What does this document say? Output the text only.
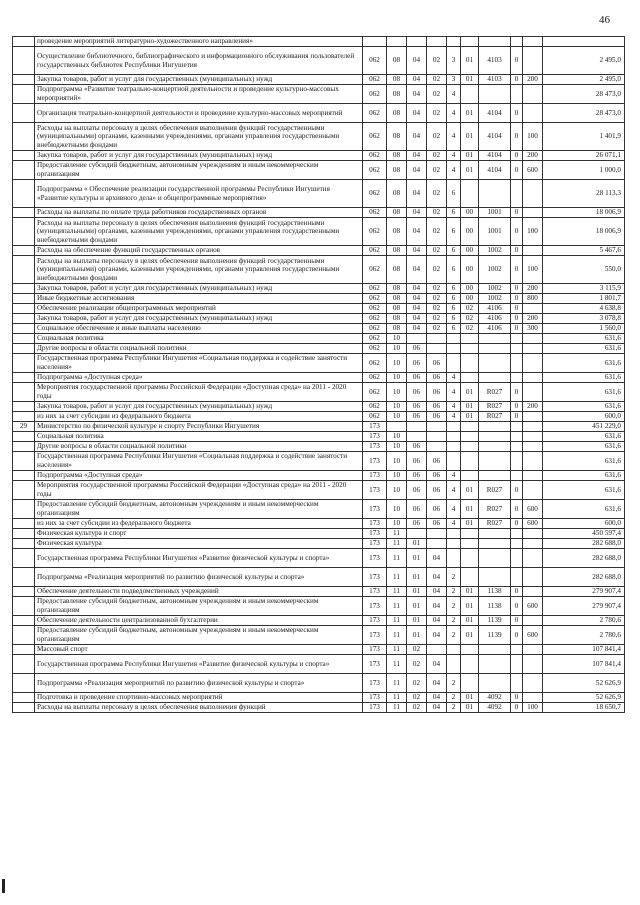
46
	проведение мероприятий литературно-художественного направления»										
	Осуществление библиотечного, библиографического и информационного обслуживания пользователей государственных библиотек Республики Ингушетия	062	08	04	02	3	01	4103	0		2 495,0
	Закупка товаров, работ и услуг для государственных (муниципальных) нужд	062	08	04	02	3	01	4103	0	200	2 495,0
	Подпрограмма «Развитие театрально-концертной деятельности и проведение культурно-массовых мероприятий»	062	08	04	02	4					28 473,0
	Организация театрально-концертной деятельности и проведение культурно-массовых мероприятий	062	08	04	02	4	01	4104	0		28 473,0
	Расходы на выплаты персоналу в целях обеспечения выполнения функций государственными (муниципальными) органами, казенными учреждениями, органами управления государственными внебюджетными фондами	062	08	04	02	4	01	4104	0	100	1 401,9
	Закупка товаров, работ и услуг для государственных (муниципальных) нужд	062	08	04	02	4	01	4104	0	200	26 071,1
	Предоставление субсидий бюджетным, автономным учреждениям и иным некоммерческим организациям	062	08	04	02	4	01	4104	0	600	1 000,0
	Подпрограмма « Обеспечение реализации государственной программы Республики Ингушетия «Развитие культуры и архивного дела» и общепрограммные мероприятия»	062	08	04	02	6					28 113,3
	Расходы на выплаты по оплате труда работников государственных органов	062	08	04	02	6	00	1001	0		18 006,9
	Расходы на выплаты персоналу в целях обеспечения выполнения функций государственными (муниципальными) органами, казенными учреждениями, органами управления государственными внебюджетными фондами	062	08	04	02	6	00	1001	0	100	18 006,9
	Расходы на обеспечение функций государственных органов	062	08	04	02	6	00	1002	0		5 467,6
	Расходы на выплаты персоналу в целях обеспечения выполнения функций государственными (муниципальными) органами, казенными учреждениями, органами управления государственными внебюджетными фондами	062	08	04	02	6	00	1002	0	100	550,0
	Закупка товаров, работ и услуг для государственных (муниципальных) нужд	062	08	04	02	6	00	1002	0	200	3 115,9
	Иные бюджетные ассигнования	062	08	04	02	6	00	1002	0	800	1 801,7
	Обеспечение реализации общепрограммных мероприятий	062	08	04	02	6	02	4106	0		4 638,8
	Закупка товаров, работ и услуг для государственных (муниципальных) нужд	062	08	04	02	6	02	4106	0	200	3 078,8
	Социальное обеспечение и иные выплаты населению	062	08	04	02	6	02	4106	0	300	1 560,0
	Социальная политика	062	10								631,6
	Другие вопросы в области социальной политики	062	10	06							631,6
	Государственная программа Республики Ингушетия «Социальная поддержка и содействие занятости населения»	062	10	06	06						631,6
	Подпрограмма «Доступная среда»	062	10	06	06	4					631,6
	Мероприятия государственной программы Российской Федерации «Доступная среда» на 2011 - 2020 годы	062	10	06	06	4	01	R027	0		631,6
	Закупка товаров, работ и услуг для государственных (муниципальных) нужд	062	10	06	06	4	01	R027	0	200	631,6
	из них за счет субсидии из федерального бюджета	062	10	06	06	4	01	R027	0		600,0
29	Министерство по физической культуре и спорту Республики Ингушетия	173									451 229,0
	Социальная политика	173	10								631,6
	Другие вопросы в области социальной политики	173	10	06							631,6
	Государственная программа Республики Ингушетия «Социальная поддержка и содействие занятости населения»	173	10	06	06						631,6
	Подпрограмма «Доступная среда»	173	10	06	06	4					631,6
	Мероприятия государственной программы Российской Федерации «Доступная среда» на 2011 - 2020 годы	173	10	06	06	4	01	R027	0		631,6
	Предоставление субсидий бюджетным, автономным учреждениям и иным некоммерческим организациям	173	10	06	06	4	01	R027	0	600	631,6
	из них за счет субсидии из федерального бюджета	173	10	06	06	4	01	R027	0	600	600,0
	Физическая культура и спорт	173	11								450 597,4
	Физическая культура	173	11	01							282 688,0
	Государственная программа Республики Ингушетия «Развитие физической культуры и спорта»	173	11	01	04						282 688,0
	Подпрограмма «Реализация мероприятий по развитию физической культуры и спорта»	173	11	01	04	2					282 688,0
	Обеспечение деятельности подведомственных учреждений	173	11	01	04	2	01	1138	0		279 907,4
	Предоставление субсидий бюджетным, автономным учреждениям и иным некоммерческим организациям	173	11	01	04	2	01	1138	0	600	279 907,4
	Обеспечение деятельности централизованной бухгалтерии	173	11	01	04	2	01	1139	0		2 780,6
	Предоставление субсидий бюджетным, автономным учреждениям и иным некоммерческим организациям	173	11	01	04	2	01	1139	0	600	2 780,6
	Массовый спорт	173	11	02							107 841,4
	Государственная программа Республики Ингушетия «Развитие физической культуры и спорта»	173	11	02	04						107 841,4
	Подпрограмма «Реализация мероприятий по развитию физической культуры и спорта»	173	11	02	04	2					52 626,9
	Подготовка и проведение спортивно-массовых мероприятий	173	11	02	04	2	01	4092	0		52 626,9
	Расходы на выплаты персоналу в целях обеспечения выполнения функций	173	11	02	04	2	01	4092	0	100	18 650,7
